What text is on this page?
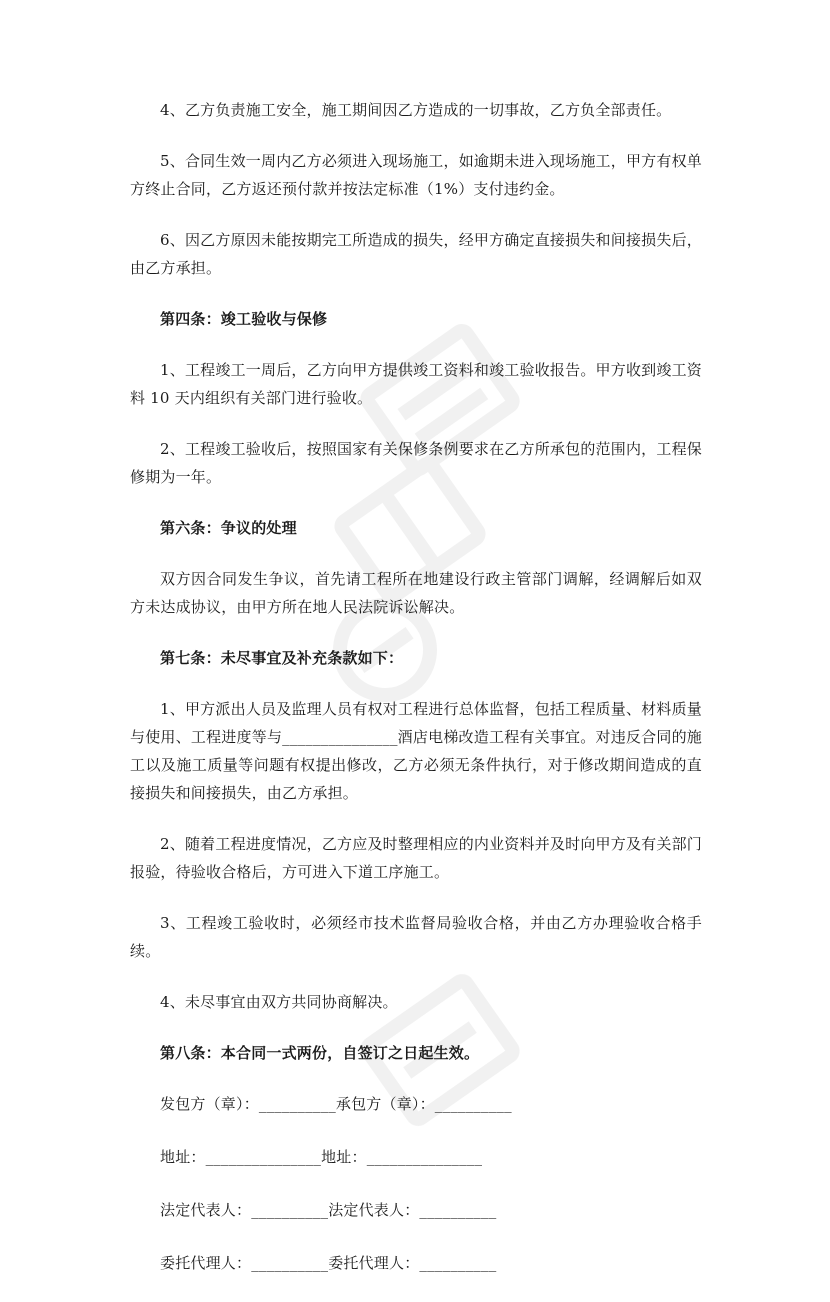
4、乙方负责施工安全，施工期间因乙方造成的一切事故，乙方负全部责任。

5、合同生效一周内乙方必须进入现场施工，如逾期未进入现场施工，甲方有权单方终止合同，乙方返还预付款并按法定标准（1%）支付违约金。

6、因乙方原因未能按期完工所造成的损失，经甲方确定直接损失和间接损失后，由乙方承担。

第四条：竣工验收与保修

1、工程竣工一周后，乙方向甲方提供竣工资料和竣工验收报告。甲方收到竣工资料 10 天内组织有关部门进行验收。

2、工程竣工验收后，按照国家有关保修条例要求在乙方所承包的范围内，工程保修期为一年。

第六条：争议的处理

双方因合同发生争议，首先请工程所在地建设行政主管部门调解，经调解后如双方未达成协议，由甲方所在地人民法院诉讼解决。

第七条：未尽事宜及补充条款如下：

1、甲方派出人员及监理人员有权对工程进行总体监督，包括工程质量、材料质量与使用、工程进度等与_______________酒店电梯改造工程有关事宜。对违反合同的施工以及施工质量等问题有权提出修改，乙方必须无条件执行，对于修改期间造成的直接损失和间接损失，由乙方承担。

2、随着工程进度情况，乙方应及时整理相应的内业资料并及时向甲方及有关部门报验，待验收合格后，方可进入下道工序施工。

3、工程竣工验收时，必须经市技术监督局验收合格，并由乙方办理验收合格手续。

4、未尽事宜由双方共同协商解决。

第八条：本合同一式两份，自签订之日起生效。

发包方（章）：__________承包方（章）：__________

地址：_______________地址：_______________

法定代表人：__________法定代表人：__________

委托代理人：__________委托代理人：__________
